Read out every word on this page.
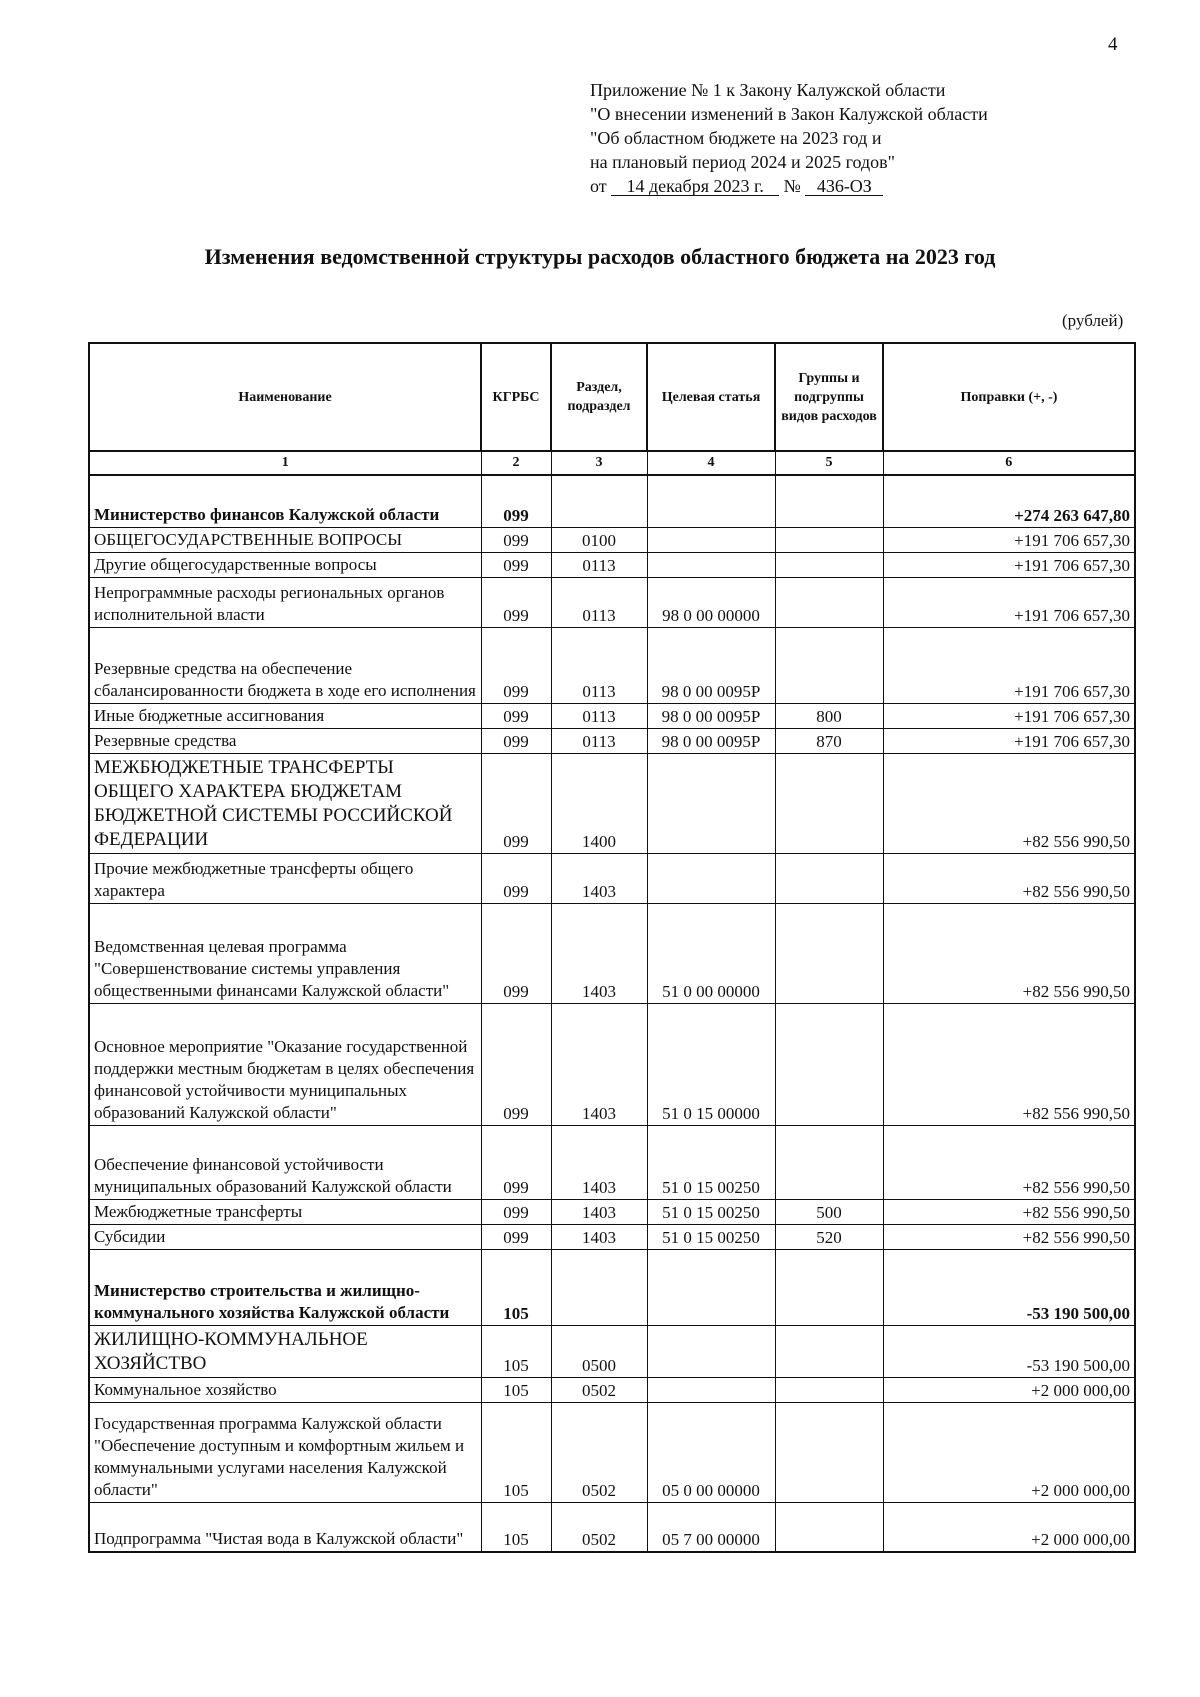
4
Приложение № 1 к Закону Калужской области
"О внесении изменений в Закон Калужской области
"Об областном бюджете на 2023 год и
на плановый период 2024 и 2025 годов"
от 14 декабря 2023 г. № 436-ОЗ
Изменения ведомственной структуры расходов областного бюджета на 2023 год
(рублей)
Наименование	КГРБС	Раздел, подраздел	Целевая статья	Группы и подгруппы видов расходов	Поправки (+, -)
1	2	3	4	5	6
Министерство финансов Калужской области	099				+274 263 647,80
ОБЩЕГОСУДАРСТВЕННЫЕ ВОПРОСЫ	099	0100			+191 706 657,30
Другие общегосударственные вопросы	099	0113			+191 706 657,30
Непрограммные расходы региональных органов исполнительной власти	099	0113	98 0 00 00000		+191 706 657,30
Резервные средства на обеспечение сбалансированности бюджета в ходе его исполнения	099	0113	98 0 00 0095Р		+191 706 657,30
Иные бюджетные ассигнования	099	0113	98 0 00 0095Р	800	+191 706 657,30
Резервные средства	099	0113	98 0 00 0095Р	870	+191 706 657,30
МЕЖБЮДЖЕТНЫЕ ТРАНСФЕРТЫ ОБЩЕГО ХАРАКТЕРА БЮДЖЕТАМ БЮДЖЕТНОЙ СИСТЕМЫ РОССИЙСКОЙ ФЕДЕРАЦИИ	099	1400			+82 556 990,50
Прочие межбюджетные трансферты общего характера	099	1403			+82 556 990,50
Ведомственная целевая программа "Совершенствование системы управления общественными финансами Калужской области"	099	1403	51 0 00 00000		+82 556 990,50
Основное мероприятие "Оказание государственной поддержки местным бюджетам в целях обеспечения финансовой устойчивости муниципальных образований Калужской области"	099	1403	51 0 15 00000		+82 556 990,50
Обеспечение финансовой устойчивости муниципальных образований Калужской области	099	1403	51 0 15 00250		+82 556 990,50
Межбюджетные трансферты	099	1403	51 0 15 00250	500	+82 556 990,50
Субсидии	099	1403	51 0 15 00250	520	+82 556 990,50
Министерство строительства и жилищно-коммунального хозяйства Калужской области	105				-53 190 500,00
ЖИЛИЩНО-КОММУНАЛЬНОЕ ХОЗЯЙСТВО	105	0500			-53 190 500,00
Коммунальное хозяйство	105	0502			+2 000 000,00
Государственная программа Калужской области "Обеспечение доступным и комфортным жильем и коммунальными услугами населения Калужской области"	105	0502	05 0 00 00000		+2 000 000,00
Подпрограмма "Чистая вода в Калужской области"	105	0502	05 7 00 00000		+2 000 000,00
